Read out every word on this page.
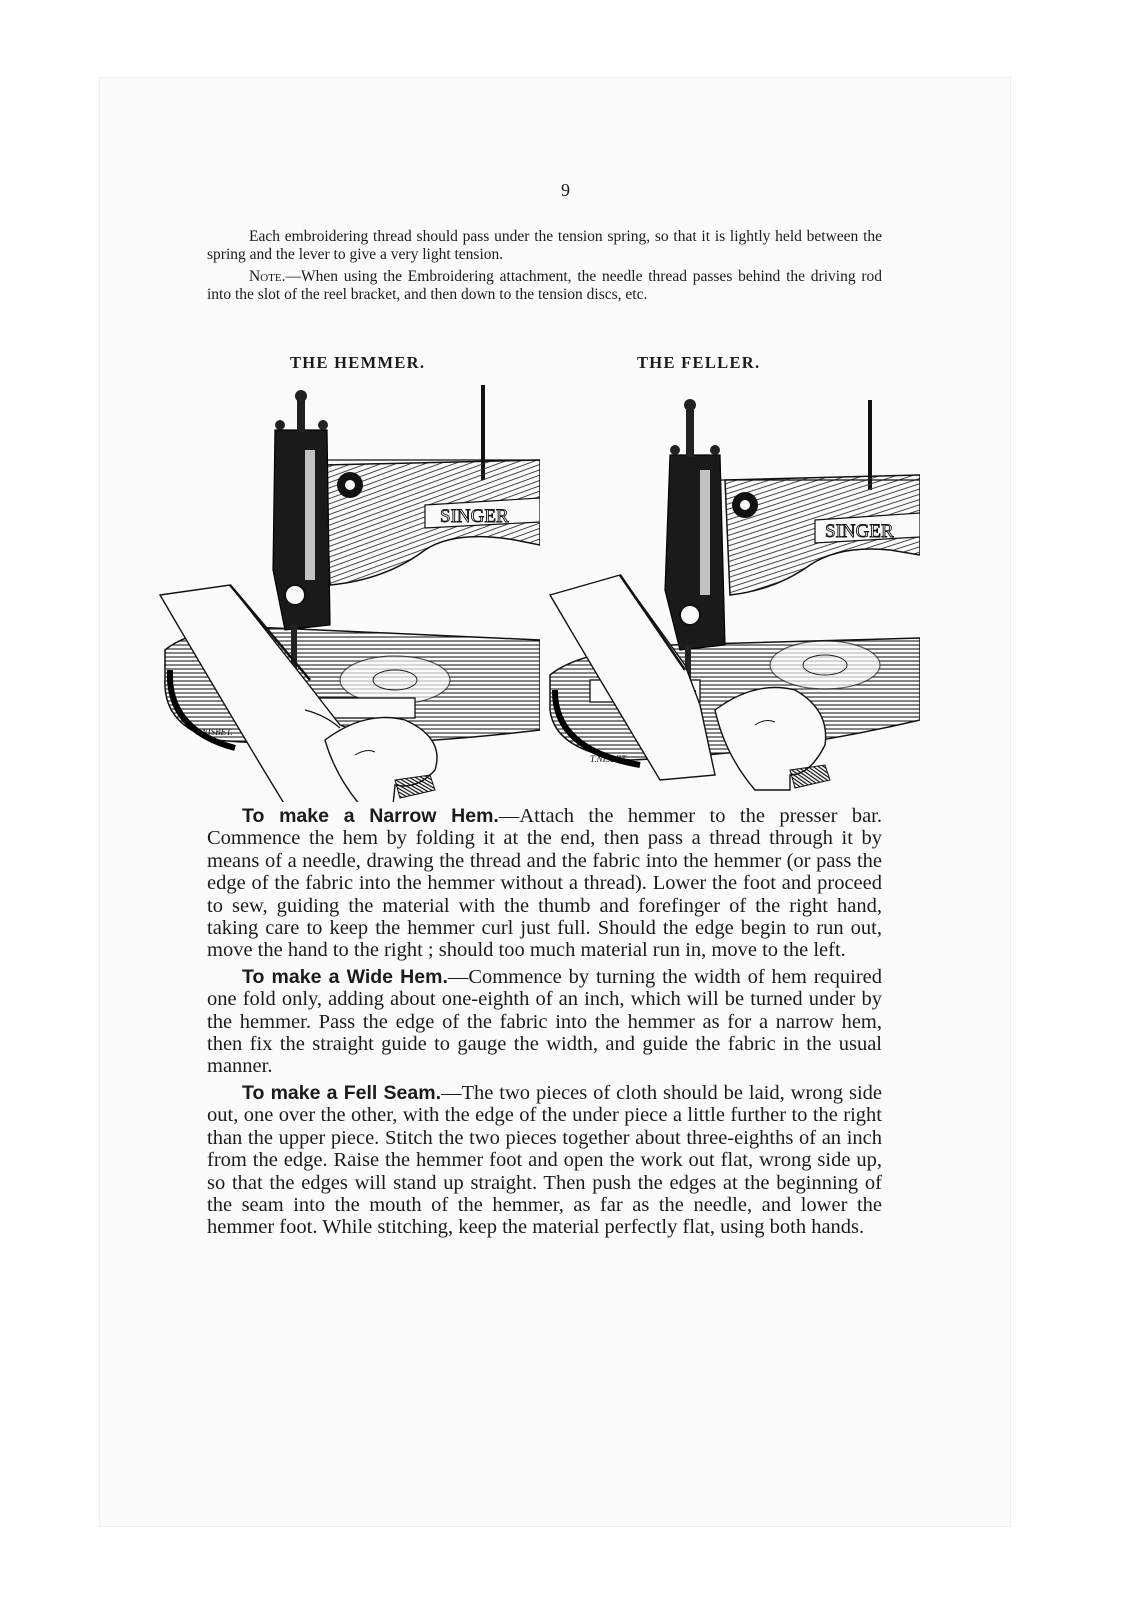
9

Each embroidering thread should pass under the tension spring, so that it is lightly held between the spring and the lever to give a very light tension.

Note.—When using the Embroidering attachment, the needle thread passes behind the driving rod into the slot of the reel bracket, and then down to the tension discs, etc.

THE HEMMER.	THE FELLER.
SINGER
T.NISBET.
SINGER
T.NISBET.

To make a Narrow Hem.—Attach the hemmer to the presser bar. Commence the hem by folding it at the end, then pass a thread through it by means of a needle, drawing the thread and the fabric into the hemmer (or pass the edge of the fabric into the hemmer without a thread). Lower the foot and proceed to sew, guiding the material with the thumb and forefinger of the right hand, taking care to keep the hemmer curl just full. Should the edge begin to run out, move the hand to the right ; should too much material run in, move to the left.

To make a Wide Hem.—Commence by turning the width of hem required one fold only, adding about one-eighth of an inch, which will be turned under by the hemmer. Pass the edge of the fabric into the hemmer as for a narrow hem, then fix the straight guide to gauge the width, and guide the fabric in the usual manner.

To make a Fell Seam.—The two pieces of cloth should be laid, wrong side out, one over the other, with the edge of the under piece a little further to the right than the upper piece. Stitch the two pieces together about three-eighths of an inch from the edge. Raise the hemmer foot and open the work out flat, wrong side up, so that the edges will stand up straight. Then push the edges at the beginning of the seam into the mouth of the hemmer, as far as the needle, and lower the hemmer foot. While stitching, keep the material perfectly flat, using both hands.
